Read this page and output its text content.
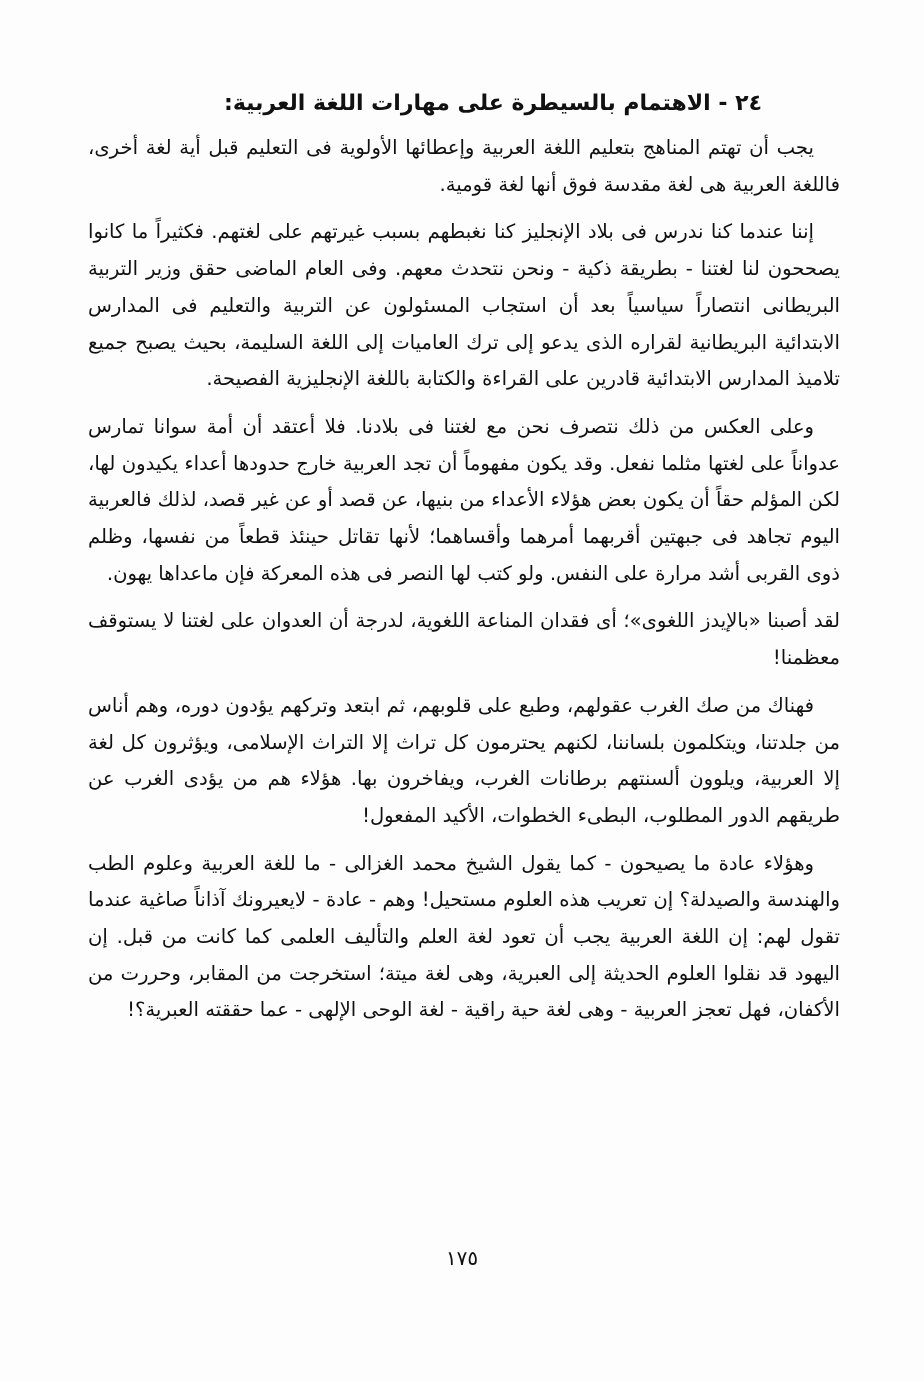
٢٤ - الاهتمام بالسيطرة على مهارات اللغة العربية:

يجب أن تهتم المناهج بتعليم اللغة العربية وإعطائها الأولوية فى التعليم قبل أية لغة أخرى، فاللغة العربية هى لغة مقدسة فوق أنها لغة قومية.

إننا عندما كنا ندرس فى بلاد الإنجليز كنا نغبطهم بسبب غيرتهم على لغتهم. فكثيراً ما كانوا يصححون لنا لغتنا - بطريقة ذكية - ونحن نتحدث معهم. وفى العام الماضى حقق وزير التربية البريطانى انتصاراً سياسياً بعد أن استجاب المسئولون عن التربية والتعليم فى المدارس الابتدائية البريطانية لقراره الذى يدعو إلى ترك العاميات إلى اللغة السليمة، بحيث يصبح جميع تلاميذ المدارس الابتدائية قادرين على القراءة والكتابة باللغة الإنجليزية الفصيحة.

وعلى العكس من ذلك نتصرف نحن مع لغتنا فى بلادنا. فلا أعتقد أن أمة سوانا تمارس عدواناً على لغتها مثلما نفعل. وقد يكون مفهوماً أن تجد العربية خارج حدودها أعداء يكيدون لها، لكن المؤلم حقاً أن يكون بعض هؤلاء الأعداء من بنيها، عن قصد أو عن غير قصد، لذلك فالعربية اليوم تجاهد فى جبهتين أقربهما أمرهما وأقساهما؛ لأنها تقاتل حينئذ قطعاً من نفسها، وظلم ذوى القربى أشد مرارة على النفس. ولو كتب لها النصر فى هذه المعركة فإن ماعداها يهون.

لقد أصبنا «بالإيدز اللغوى»؛ أى فقدان المناعة اللغوية، لدرجة أن العدوان على لغتنا لا يستوقف معظمنا!

فهناك من صك الغرب عقولهم، وطبع على قلوبهم، ثم ابتعد وتركهم يؤدون دوره، وهم أناس من جلدتنا، ويتكلمون بلساننا، لكنهم يحترمون كل تراث إلا التراث الإسلامى، ويؤثرون كل لغة إلا العربية، ويلوون ألسنتهم برطانات الغرب، ويفاخرون بها. هؤلاء هم من يؤدى الغرب عن طريقهم الدور المطلوب، البطىء الخطوات، الأكيد المفعول!

وهؤلاء عادة ما يصيحون - كما يقول الشيخ محمد الغزالى - ما للغة العربية وعلوم الطب والهندسة والصيدلة؟ إن تعريب هذه العلوم مستحيل! وهم - عادة - لايعيرونك آذاناً صاغية عندما تقول لهم: إن اللغة العربية يجب أن تعود لغة العلم والتأليف العلمى كما كانت من قبل. إن اليهود قد نقلوا العلوم الحديثة إلى العبرية، وهى لغة ميتة؛ استخرجت من المقابر، وحررت من الأكفان، فهل تعجز العربية - وهى لغة حية راقية - لغة الوحى الإلهى - عما حققته العبرية؟!

١٧٥
